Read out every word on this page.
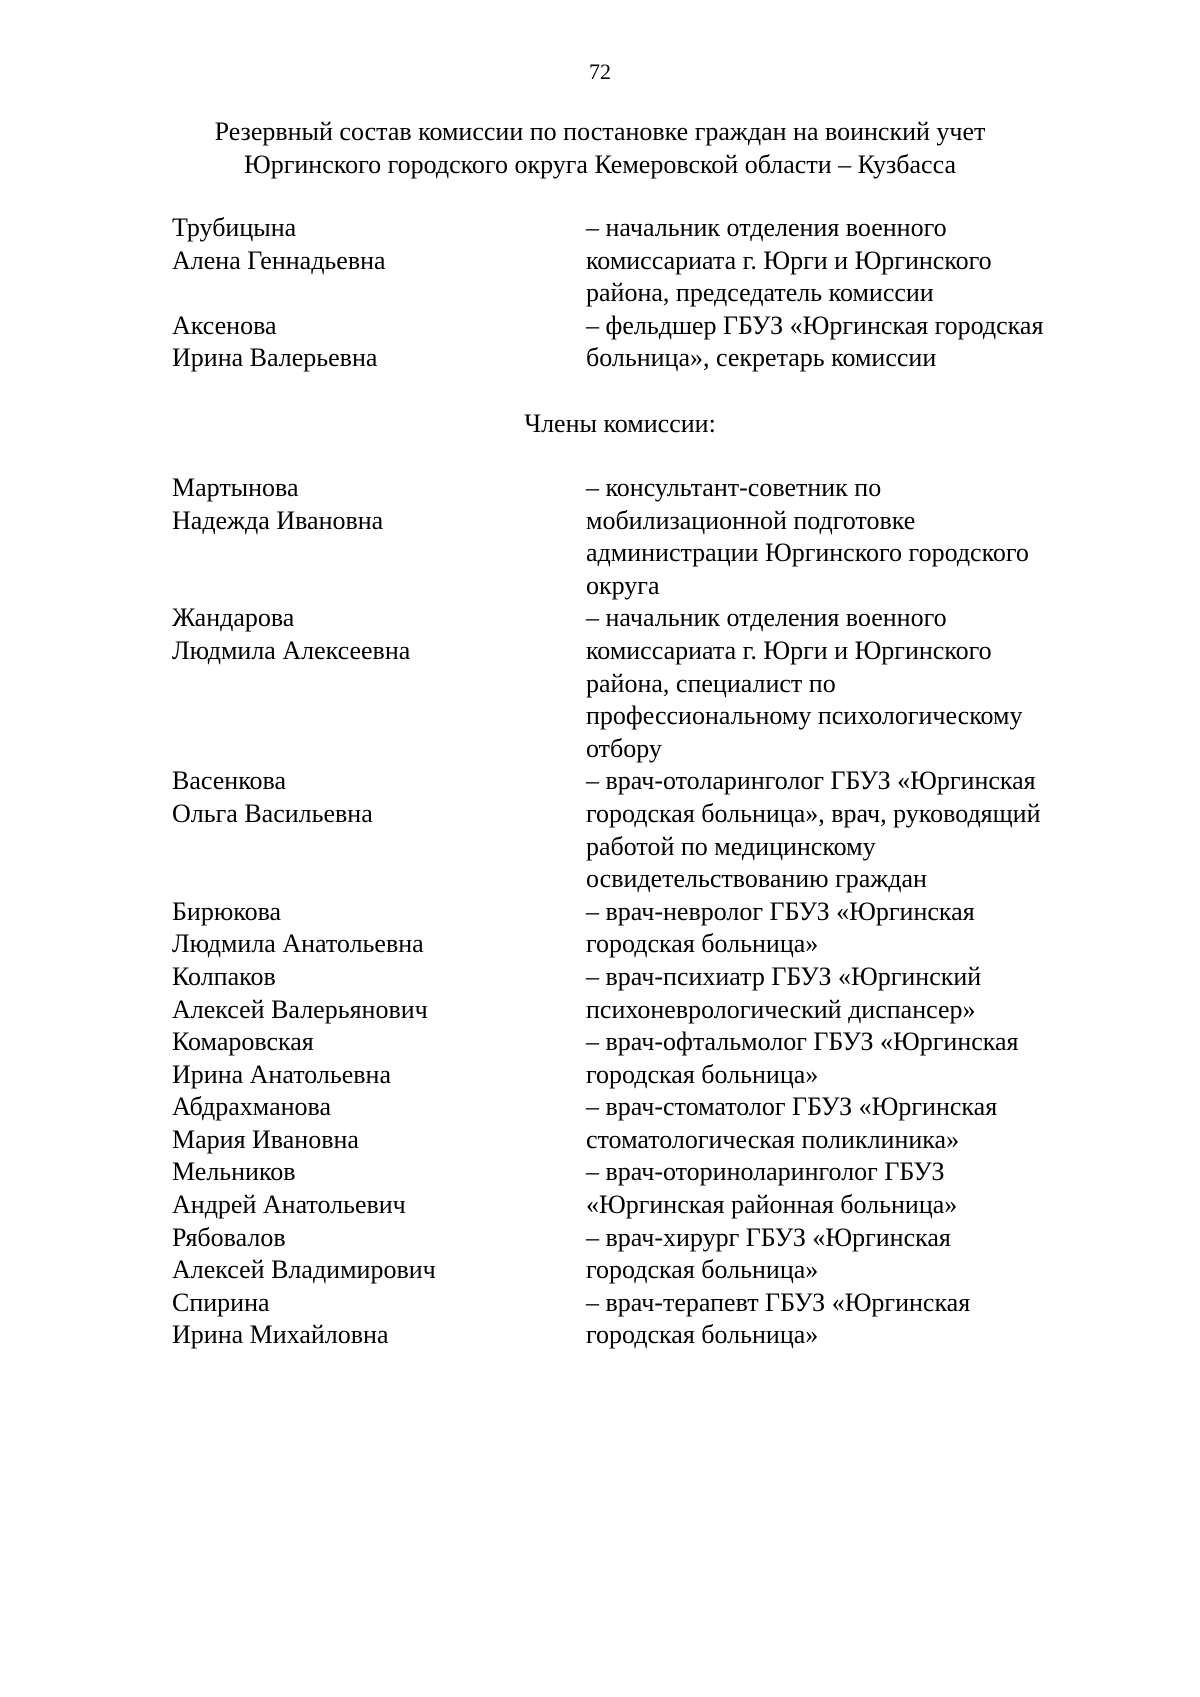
72
Резервный состав комиссии по постановке граждан на воинский учет
Юргинского городского округа Кемеровской области – Кузбасса
Трубицына
Алена Геннадьевна
– начальник отделения военного
комиссариата г. Юрги и Юргинского
района, председатель комиссии
Аксенова
Ирина Валерьевна
– фельдшер ГБУЗ «Юргинская городская
больница», секретарь комиссии
Члены комиссии:
Мартынова
Надежда Ивановна
– консультант-советник по
мобилизационной подготовке
администрации Юргинского городского
округа
Жандарова
Людмила Алексеевна
– начальник отделения военного
комиссариата г. Юрги и Юргинского
района, специалист по
профессиональному психологическому
отбору
Васенкова
Ольга Васильевна
– врач-отоларинголог ГБУЗ «Юргинская
городская больница», врач, руководящий
работой по медицинскому
освидетельствованию граждан
Бирюкова
Людмила Анатольевна
– врач-невролог ГБУЗ «Юргинская
городская больница»
Колпаков
Алексей Валерьянович
– врач-психиатр ГБУЗ «Юргинский
психоневрологический диспансер»
Комаровская
Ирина Анатольевна
– врач-офтальмолог ГБУЗ «Юргинская
городская больница»
Абдрахманова
Мария Ивановна
– врач-стоматолог ГБУЗ «Юргинская
стоматологическая поликлиника»
Мельников
Андрей Анатольевич
– врач-оториноларинголог ГБУЗ
«Юргинская районная больница»
Рябовалов
Алексей Владимирович
– врач-хирург ГБУЗ «Юргинская
городская больница»
Спирина
Ирина Михайловна
– врач-терапевт ГБУЗ «Юргинская
городская больница»
